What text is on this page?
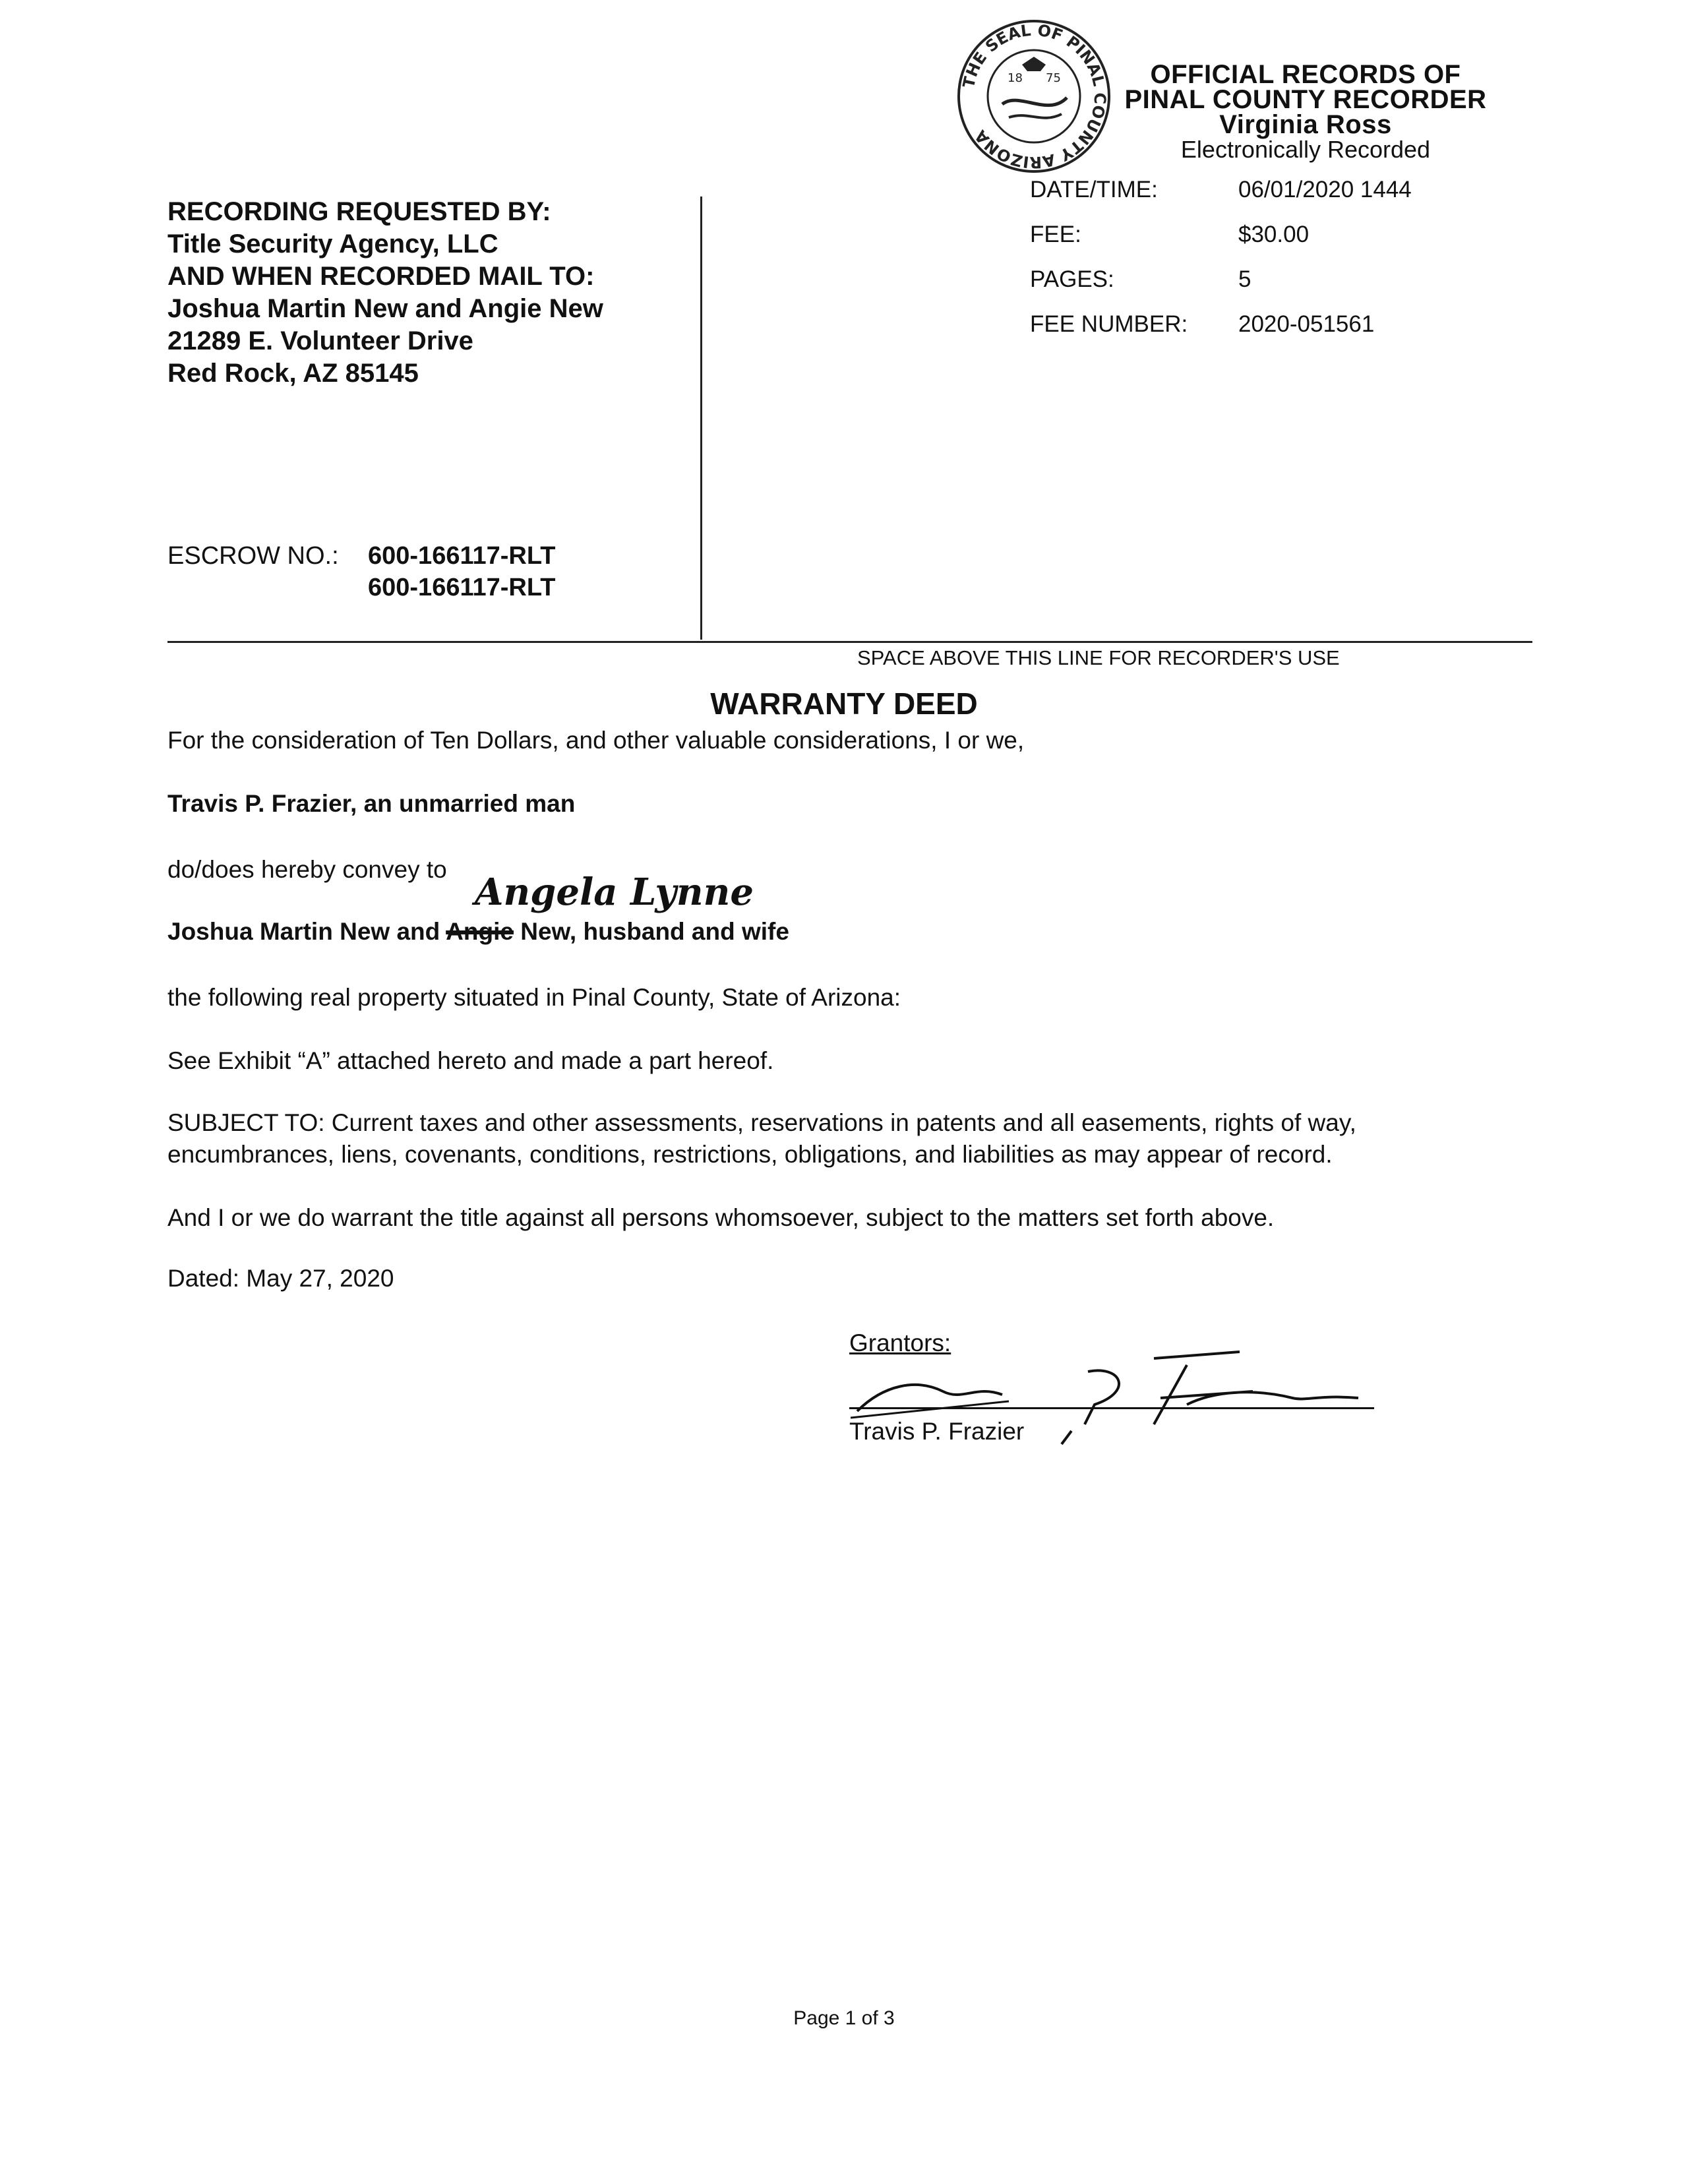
THE SEAL OF PINAL COUNTY ARIZONA
18 75	OFFICIAL RECORDS OF
PINAL COUNTY RECORDER
Virginia Ross
Electronically Recorded
DATE/TIME:	06/01/2020 1444
FEE:	$30.00
PAGES:	5
FEE NUMBER: 2020-051561
RECORDING REQUESTED BY:
Title Security Agency, LLC
AND WHEN RECORDED MAIL TO:
Joshua Martin New and Angie New
21289 E. Volunteer Drive
Red Rock, AZ 85145
ESCROW NO.: 600-166117-RLT
600-166117-RLT
SPACE ABOVE THIS LINE FOR RECORDER'S USE
WARRANTY DEED
For the consideration of Ten Dollars, and other valuable considerations, I or we,
Travis P. Frazier, an unmarried man
do/does hereby convey to
Angela Lynne
Joshua Martin New and Angie New, husband and wife
the following real property situated in Pinal County, State of Arizona:
See Exhibit “A” attached hereto and made a part hereof.
SUBJECT TO: Current taxes and other assessments, reservations in patents and all easements, rights of way,
encumbrances, liens, covenants, conditions, restrictions, obligations, and liabilities as may appear of record.
And I or we do warrant the title against all persons whomsoever, subject to the matters set forth above.
Dated: May 27, 2020
Grantors:
Travis P. Frazier
Page 1 of 3
